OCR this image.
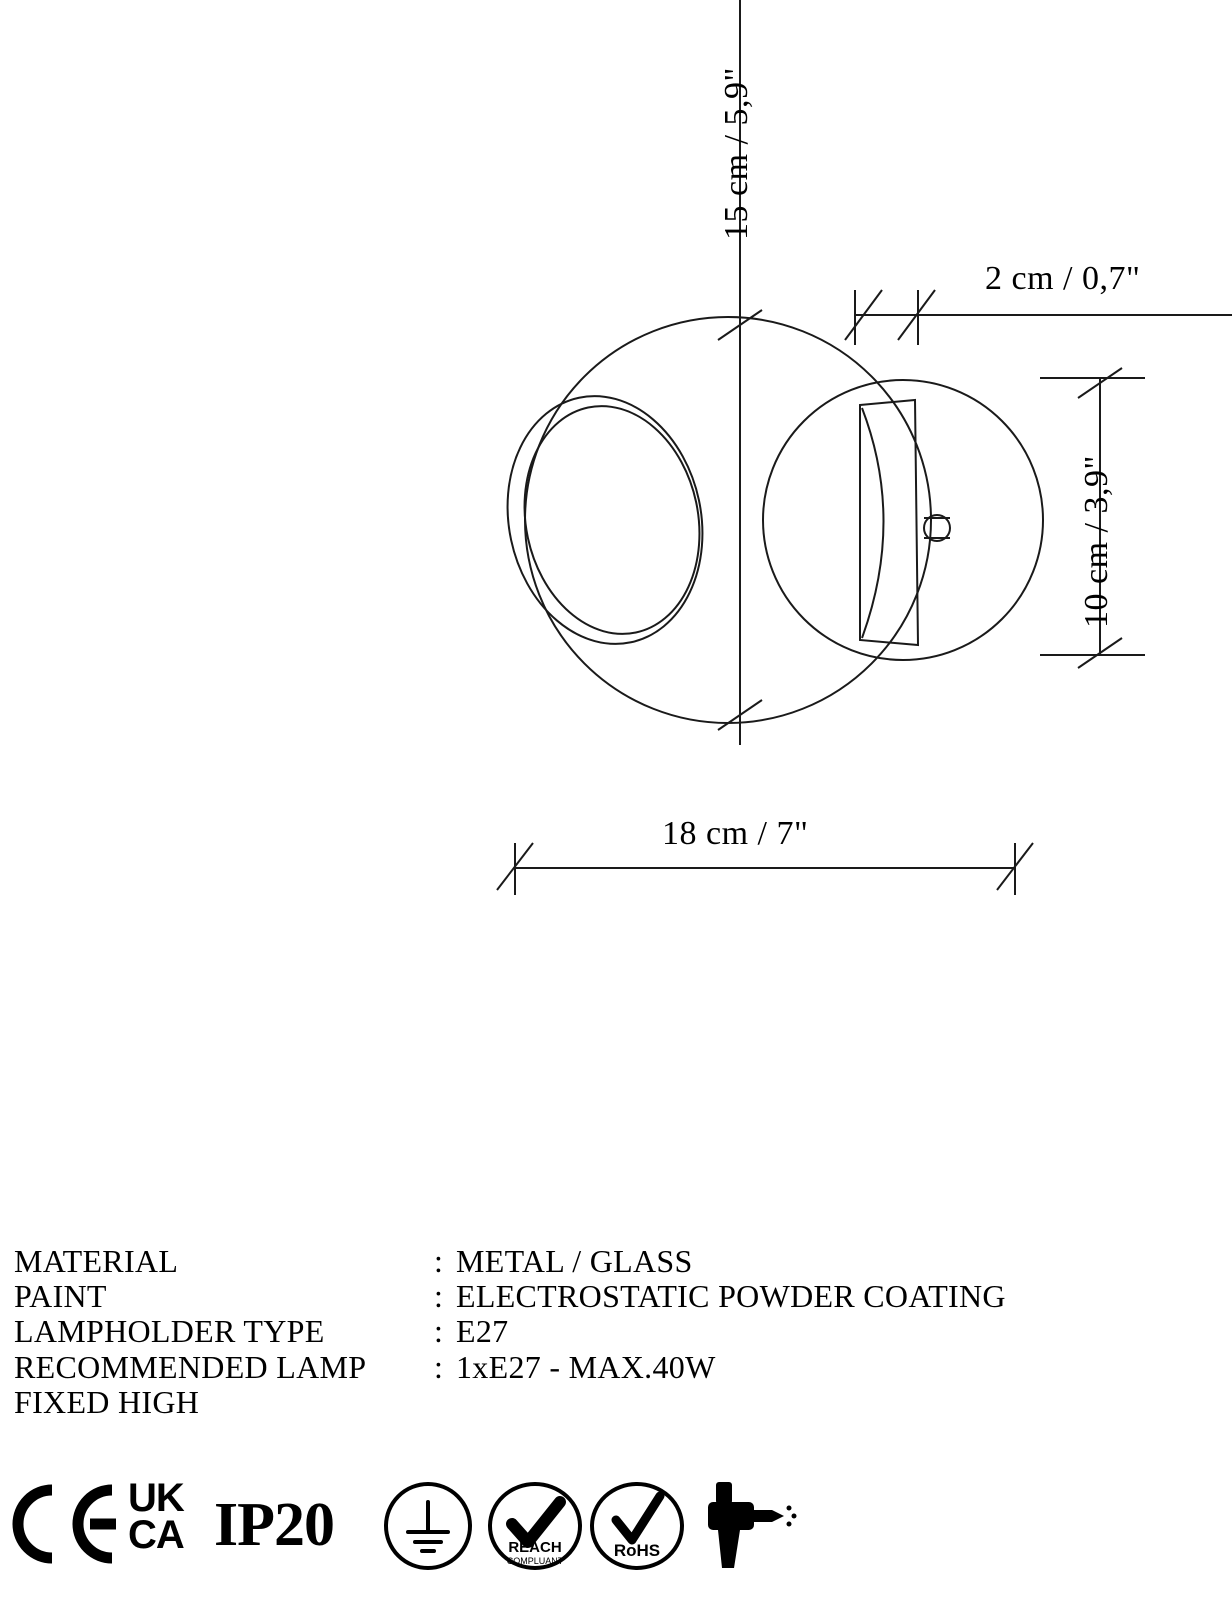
15 cm / 5,9"
2 cm / 0,7"
10 cm / 3,9"
18 cm / 7"
MATERIAL	: METAL / GLASS
PAINT	: ELECTROSTATIC POWDER COATING
LAMPHOLDER TYPE	: E27
RECOMMENDED LAMP	: 1xE27 - MAX.40W
FIXED HIGH
UK
CA IP20	REACH
COMPLUANT
RoHS
